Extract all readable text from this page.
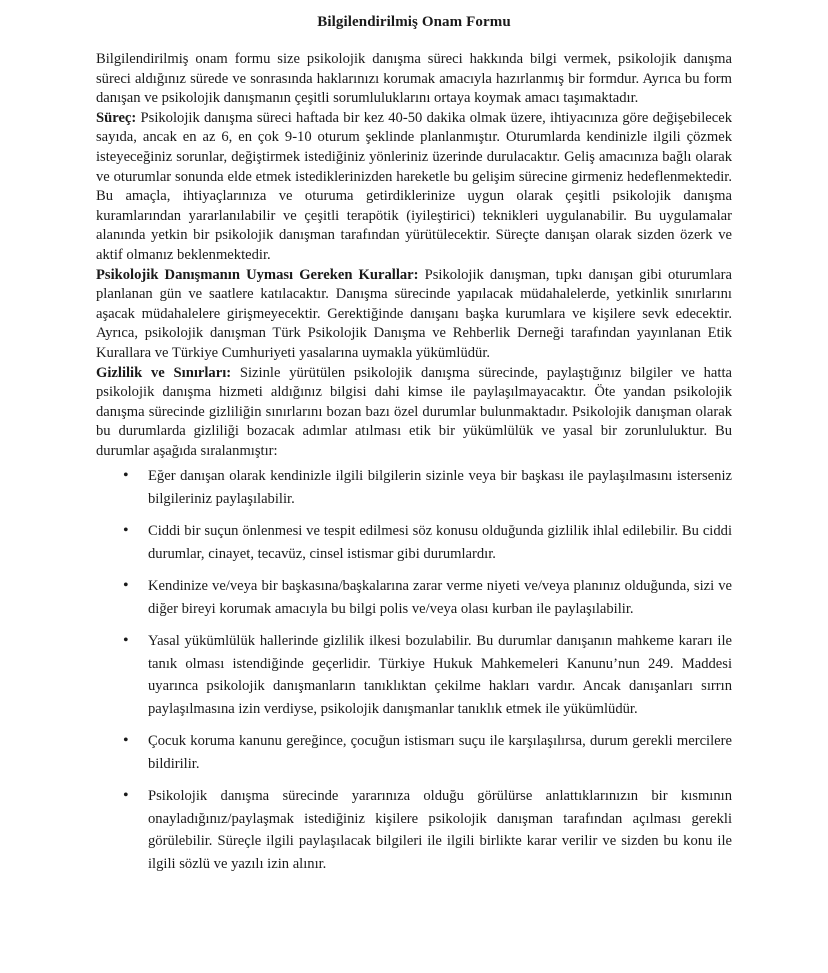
Bilgilendirilmiş Onam Formu

Bilgilendirilmiş onam formu size psikolojik danışma süreci hakkında bilgi vermek, psikolojik danışma süreci aldığınız sürede ve sonrasında haklarınızı korumak amacıyla hazırlanmış bir formdur. Ayrıca bu form danışan ve psikolojik danışmanın çeşitli sorumluluklarını ortaya koymak amacı taşımaktadır.

Süreç: Psikolojik danışma süreci haftada bir kez 40-50 dakika olmak üzere, ihtiyacınıza göre değişebilecek sayıda, ancak en az 6, en çok 9-10 oturum şeklinde planlanmıştır. Oturumlarda kendinizle ilgili çözmek isteyeceğiniz sorunlar, değiştirmek istediğiniz yönleriniz üzerinde durulacaktır. Geliş amacınıza bağlı olarak ve oturumlar sonunda elde etmek istediklerinizden hareketle bu gelişim sürecine girmeniz hedeflenmektedir. Bu amaçla, ihtiyaçlarınıza ve oturuma getirdiklerinize uygun olarak çeşitli psikolojik danışma kuramlarından yararlanılabilir ve çeşitli terapötik (iyileştirici) teknikleri uygulanabilir. Bu uygulamalar alanında yetkin bir psikolojik danışman tarafından yürütülecektir. Süreçte danışan olarak sizden özerk ve aktif olmanız beklenmektedir.

Psikolojik Danışmanın Uyması Gereken Kurallar: Psikolojik danışman, tıpkı danışan gibi oturumlara planlanan gün ve saatlere katılacaktır. Danışma sürecinde yapılacak müdahalelerde, yetkinlik sınırlarını aşacak müdahalelere girişmeyecektir. Gerektiğinde danışanı başka kurumlara ve kişilere sevk edecektir. Ayrıca, psikolojik danışman Türk Psikolojik Danışma ve Rehberlik Derneği tarafından yayınlanan Etik Kurallara ve Türkiye Cumhuriyeti yasalarına uymakla yükümlüdür.

Gizlilik ve Sınırları: Sizinle yürütülen psikolojik danışma sürecinde, paylaştığınız bilgiler ve hatta psikolojik danışma hizmeti aldığınız bilgisi dahi kimse ile paylaşılmayacaktır. Öte yandan psikolojik danışma sürecinde gizliliğin sınırlarını bozan bazı özel durumlar bulunmaktadır. Psikolojik danışman olarak bu durumlarda gizliliği bozacak adımlar atılması etik bir yükümlülük ve yasal bir zorunluluktur. Bu durumlar aşağıda sıralanmıştır:

• Eğer danışan olarak kendinizle ilgili bilgilerin sizinle veya bir başkası ile paylaşılmasını isterseniz bilgileriniz paylaşılabilir.
• Ciddi bir suçun önlenmesi ve tespit edilmesi söz konusu olduğunda gizlilik ihlal edilebilir. Bu ciddi durumlar, cinayet, tecavüz, cinsel istismar gibi durumlardır.
• Kendinize ve/veya bir başkasına/başkalarına zarar verme niyeti ve/veya planınız olduğunda, sizi ve diğer bireyi korumak amacıyla bu bilgi polis ve/veya olası kurban ile paylaşılabilir.
• Yasal yükümlülük hallerinde gizlilik ilkesi bozulabilir. Bu durumlar danışanın mahkeme kararı ile tanık olması istendiğinde geçerlidir. Türkiye Hukuk Mahkemeleri Kanunu’nun 249. Maddesi uyarınca psikolojik danışmanların tanıklıktan çekilme hakları vardır. Ancak danışanları sırrın paylaşılmasına izin verdiyse, psikolojik danışmanlar tanıklık etmek ile yükümlüdür.
• Çocuk koruma kanunu gereğince, çocuğun istismarı suçu ile karşılaşılırsa, durum gerekli mercilere bildirilir.
• Psikolojik danışma sürecinde yararınıza olduğu görülürse anlattıklarınızın bir kısmının onayladığınız/paylaşmak istediğiniz kişilere psikolojik danışman tarafından açılması gerekli görülebilir. Süreçle ilgili paylaşılacak bilgileri ile ilgili birlikte karar verilir ve sizden bu konu ile ilgili sözlü ve yazılı izin alınır.
